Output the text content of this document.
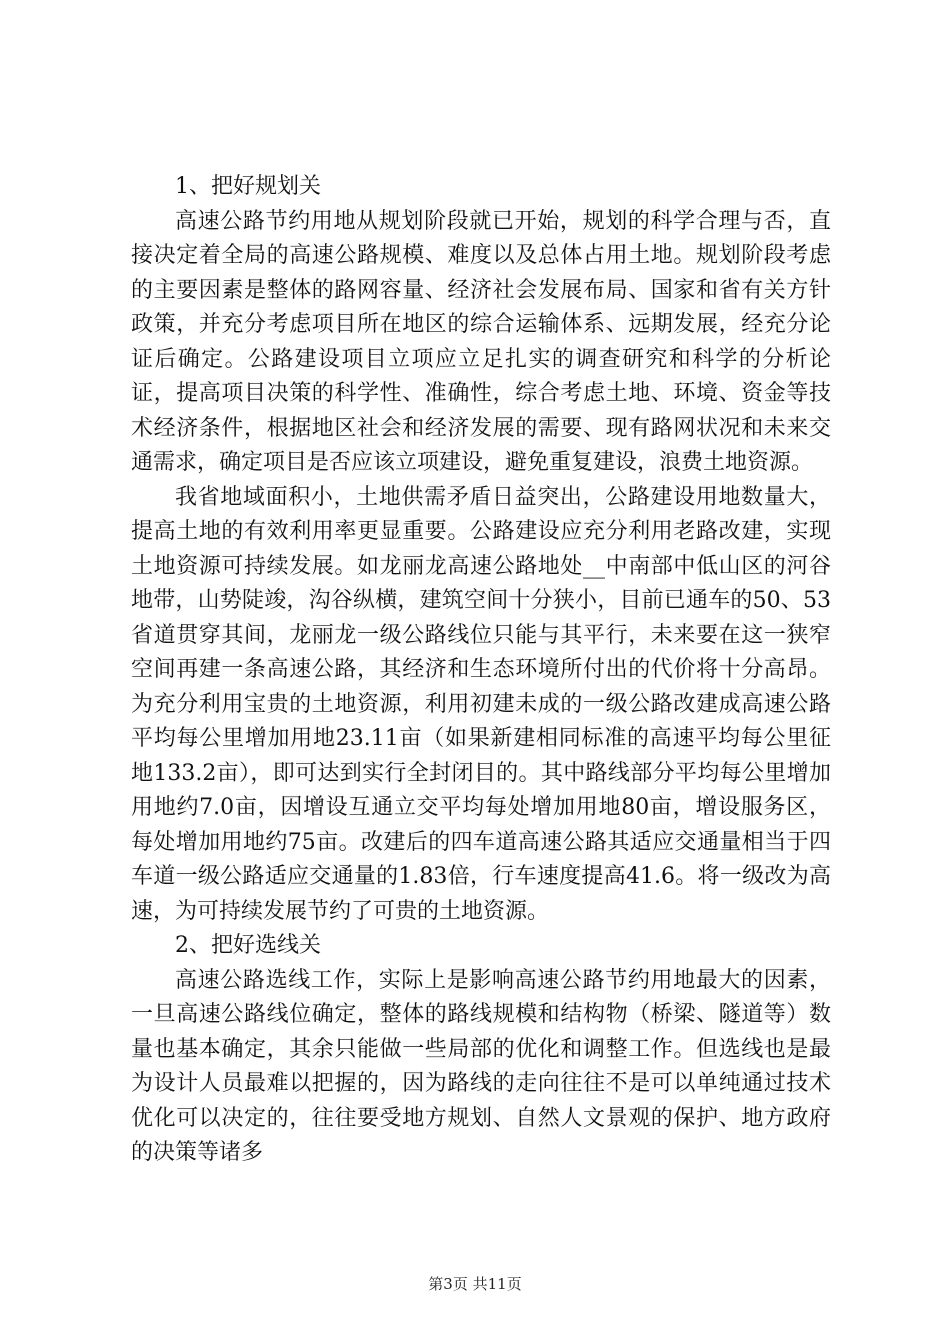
1、把好规划关

高速公路节约用地从规划阶段就已开始，规划的科学合理与否，直接决定着全局的高速公路规模、难度以及总体占用土地。规划阶段考虑的主要因素是整体的路网容量、经济社会发展布局、国家和省有关方针政策，并充分考虑项目所在地区的综合运输体系、远期发展，经充分论证后确定。公路建设项目立项应立足扎实的调查研究和科学的分析论证，提高项目决策的科学性、准确性，综合考虑土地、环境、资金等技术经济条件，根据地区社会和经济发展的需要、现有路网状况和未来交通需求，确定项目是否应该立项建设，避免重复建设，浪费土地资源。

我省地域面积小，土地供需矛盾日益突出，公路建设用地数量大，提高土地的有效利用率更显重要。公路建设应充分利用老路改建，实现土地资源可持续发展。如龙丽龙高速公路地处__中南部中低山区的河谷地带，山势陡竣，沟谷纵横，建筑空间十分狭小，目前已通车的50、53省道贯穿其间，龙丽龙一级公路线位只能与其平行，未来要在这一狭窄空间再建一条高速公路，其经济和生态环境所付出的代价将十分高昂。为充分利用宝贵的土地资源，利用初建未成的一级公路改建成高速公路平均每公里增加用地23.11亩（如果新建相同标准的高速平均每公里征地133.2亩），即可达到实行全封闭目的。其中路线部分平均每公里增加用地约7.0亩，因增设互通立交平均每处增加用地80亩，增设服务区，每处增加用地约75亩。改建后的四车道高速公路其适应交通量相当于四车道一级公路适应交通量的1.83倍，行车速度提高41.6。将一级改为高速，为可持续发展节约了可贵的土地资源。

2、把好选线关

高速公路选线工作，实际上是影响高速公路节约用地最大的因素，一旦高速公路线位确定，整体的路线规模和结构物（桥梁、隧道等）数量也基本确定，其余只能做一些局部的优化和调整工作。但选线也是最为设计人员最难以把握的，因为路线的走向往往不是可以单纯通过技术优化可以决定的，往往要受地方规划、自然人文景观的保护、地方政府的决策等诸多

第3页 共11页
